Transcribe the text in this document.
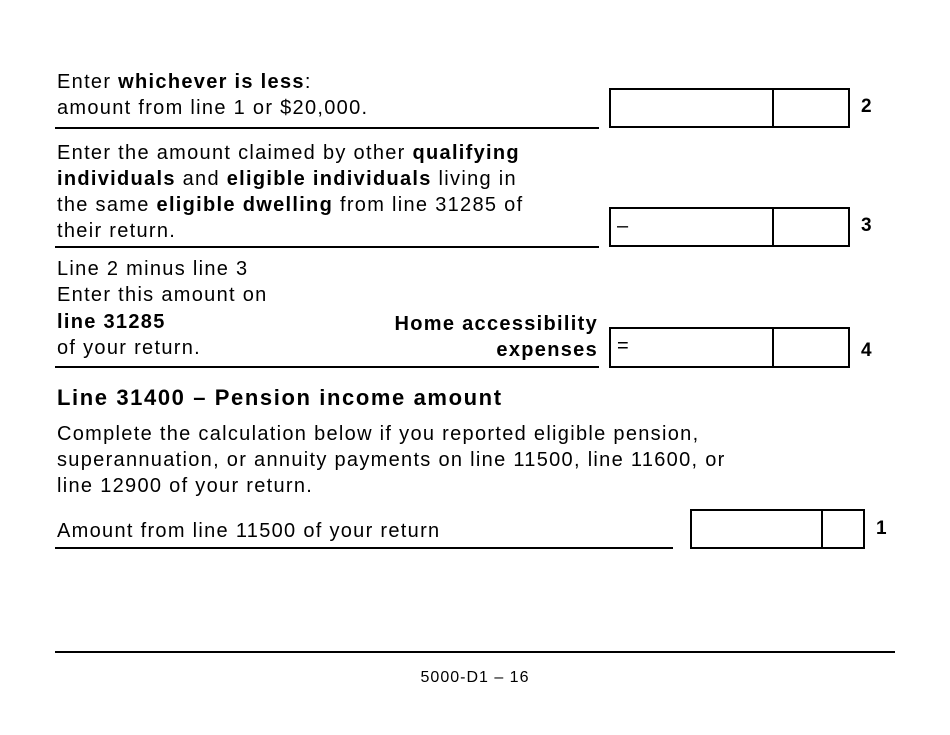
Enter whichever is less:
amount from line 1 or $20,000.	2
Enter the amount claimed by other qualifying
individuals and eligible individuals living in
the same eligible dwelling from line 31285 of
their return.	–	3
Line 2 minus line 3
Enter this amount on
line 31285
of your return.
Home accessibility
expenses =	4
Line 31400 – Pension income amount
Complete the calculation below if you reported eligible pension,
superannuation, or annuity payments on line 11500, line 11600, or
line 12900 of your return.
Amount from line 11500 of your return	1
5000-D1 – 16
